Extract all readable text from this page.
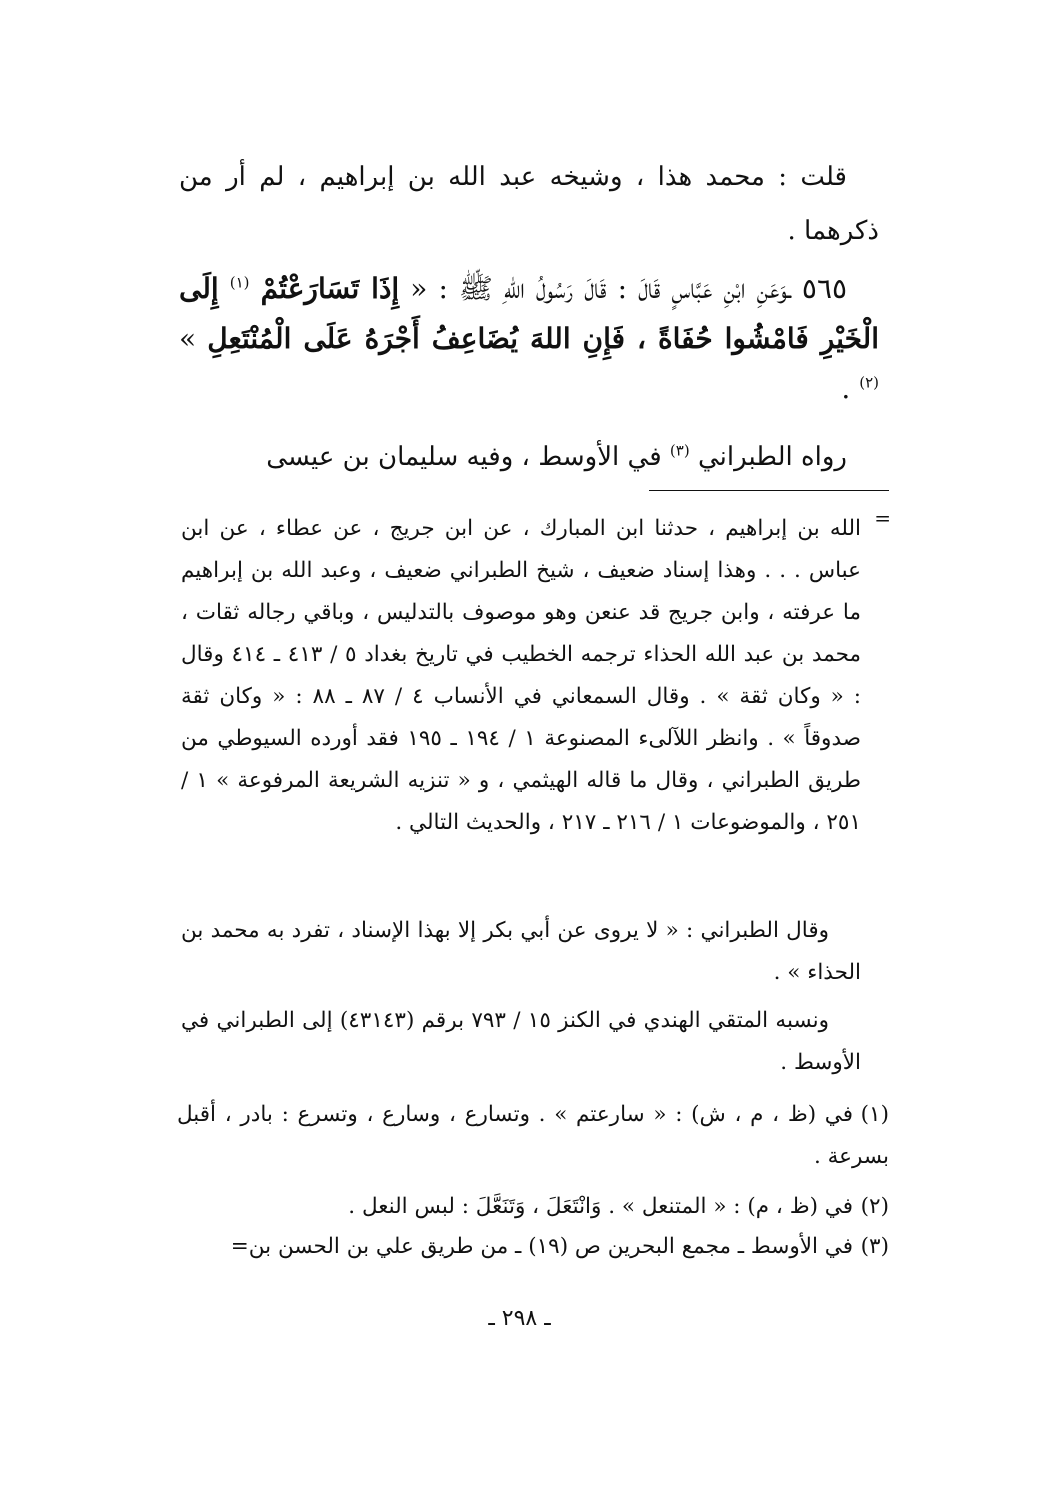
قلت : محمد هذا ، وشيخه عبد الله بن إبراهيم ، لم أر من ذكرهما .
٥٦٥ ـوَعَنِ ابْنِ عَبَّاسٍ قَالَ : قَالَ رَسُولُ اللهِ ﷺ : « إِذَا تَسَارَعْتُمْ $^{(١)}$ إِلَى الْخَيْرِ فَامْشُوا حُفَاةً ، فَإِنِ اللهَ يُضَاعِفُ أَجْرَهُ عَلَى الْمُنْتَعِلِ » $^{(٢)}$ .
رواه الطبراني $^{(٣)}$ في الأوسط ، وفيه سليمان بن عيسى
=
الله بن إبراهيم ، حدثنا ابن المبارك ، عن ابن جريج ، عن عطاء ، عن ابن عباس . . . وهذا إسناد ضعيف ، شيخ الطبراني ضعيف ، وعبد الله بن إبراهيم ما عرفته ، وابن جريج قد عنعن وهو موصوف بالتدليس ، وباقي رجاله ثقات ، محمد بن عبد الله الحذاء ترجمه الخطيب في تاريخ بغداد ٥ / ٤١٣ ـ ٤١٤ وقال : « وكان ثقة » . وقال السمعاني في الأنساب ٤ / ٨٧ ـ ٨٨ : « وكان ثقة صدوقاً » . وانظر اللآلىء المصنوعة ١ / ١٩٤ ـ ١٩٥ فقد أورده السيوطي من طريق الطبراني ، وقال ما قاله الهيثمي ، و « تنزيه الشريعة المرفوعة » ١ / ٢٥١ ، والموضوعات ١ / ٢١٦ ـ ٢١٧ ، والحديث التالي .
وقال الطبراني : « لا يروى عن أبي بكر إلا بهذا الإسناد ، تفرد به محمد بن الحذاء » .
ونسبه المتقي الهندي في الكنز ١٥ / ٧٩٣ برقم (٤٣١٤٣) إلى الطبراني في الأوسط .
(١)في (ظ ، م ، ش) : « سارعتم » . وتسارع ، وسارع ، وتسرع : بادر ، أقبل بسرعة .
(٢)في (ظ ، م) : « المتنعل » . وَانْتَعَلَ ، وَتَنَعَّلَ : لبس النعل .
(٣)في الأوسط ـ مجمع البحرين ص (١٩) ـ من طريق علي بن الحسن بن=
ـ ٢٩٨ ـ
